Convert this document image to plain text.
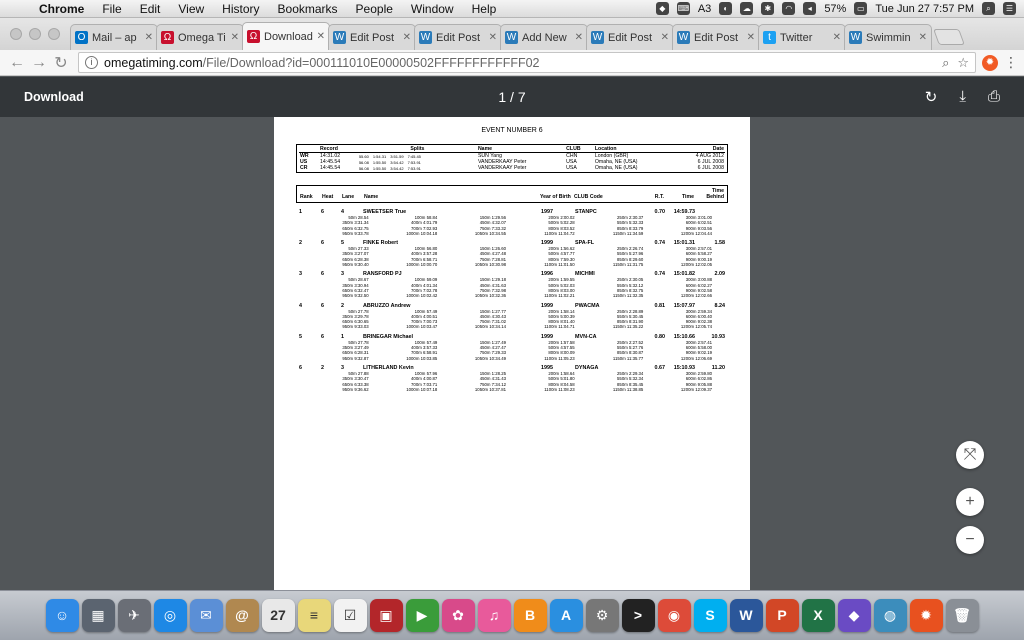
Chrome	File	Edit	View	History	Bookmarks	People	Window	Help	◆	⌨ A3	◐	☁	✱	◠	◂	57%	▭ Tue Jun 27 7:57 PM	⌕	☰
O Mail – ap ✕ Ω Omega Ti ✕ Ω Download ✕ W Edit Post ✕ W Edit Post ✕ W Add New ✕ W Edit Post ✕ W Edit Post ✕	t Twitter	✕ W Swimmin ✕
← → ↻	i omegatiming.com /File/Download?id=000111010E00000502FFFFFFFFFFFF02	⌕ ☆	✹ ⋮
Download	1 / 7	↻ ⤓ ⎙
EVENT NUMBER 6
	Record	Splits	Name	CLUB	Location	Date
WR	14:31.02	55.60 1:54.31 3:51.59 7:45.45	SUN Yang	CHN	London (GBR)	4 AUG 2012
US	14:45.54	56.08 1:55.50 3:54.42 7:53.91	VANDERKAAY Peter	USA	Omaha, NE (USA)	6 JUL 2008
CR	14:45.54	56.08 1:55.50 3:54.42 7:53.91	VANDERKAAY Peter	USA	Omaha, NE (USA)	6 JUL 2008
Rank	Heat	Lane	Name	Year of Birth CLUB Code	R.T.	Time
Time Behind
1	6	4	SWEETSER True	1997	STANPC	0.70	14:59.73
50m 28.54	100m 58.84	150m 1:29.56	200m 2:00.02	250m 2:30.37	300m 3:01.00
350m 3:31.34	400m 4:01.79	450m 4:32.07	500m 5:02.28	550m 5:32.33	600m 6:02.51
650m 6:32.75	700m 7:02.93	750m 7:33.32	800m 8:03.52	850m 8:33.79	900m 9:03.56
950m 9:33.78	1000m 10:04.18	1050m 10:34.55	1100m 11:04.72	1150m 11:34.59	1200m 12:04.44
2	6	5	FINKE Robert	1999	SPA-FL	0.74	15:01.31	1.58
50m 27.33	100m 56.80	150m 1:26.60	200m 1:56.62	250m 2:26.74	300m 2:57.01
350m 3:27.07	400m 3:57.28	450m 4:27.48	500m 4:57.77	550m 5:27.96	600m 5:58.27
650m 6:28.38	700m 6:58.71	750m 7:28.81	800m 7:59.30	850m 8:29.60	900m 9:00.19
950m 9:30.40	1000m 10:00.70	1050m 10:30.98	1100m 11:01.50	1150m 11:31.75	1200m 12:02.05
3	6	3	RANSFORD PJ	1996	MICHMI	0.74	15:01.82	2.09
50m 28.67	100m 59.09	150m 1:29.18	200m 1:59.55	250m 2:30.05	300m 3:00.88
350m 3:30.94	400m 4:01.34	450m 4:31.63	500m 5:02.03	550m 5:32.12	600m 6:02.27
650m 6:32.47	700m 7:02.78	750m 7:32.98	800m 8:03.00	850m 8:32.75	900m 9:02.58
950m 9:32.50	1000m 10:02.42	1050m 10:32.36	1100m 11:02.21	1150m 11:32.35	1200m 12:02.66
4	6	2	ABRUZZO Andrew	1999	PWACMA	0.81	15:07.97	8.24
50m 27.78	100m 57.49	150m 1:27.77	200m 1:58.14	250m 2:28.89	300m 2:59.34
350m 3:29.78	400m 4:00.51	450m 4:30.43	500m 5:00.39	550m 5:30.45	600m 6:00.40
650m 6:30.65	700m 7:00.73	750m 7:31.02	800m 8:01.40	850m 8:31.90	900m 9:02.38
950m 9:33.03	1000m 10:03.47	1050m 10:34.14	1100m 11:04.71	1150m 11:35.22	1200m 12:05.74
5	6	1	BRINEGAR Michael	1999	MVN-CA	0.80	15:10.66	10.93
50m 27.78	100m 57.49	150m 1:27.49	200m 1:57.58	250m 2:27.52	300m 2:57.41
350m 3:27.49	400m 3:57.33	450m 4:27.47	500m 4:57.55	550m 5:27.76	600m 5:58.00
650m 6:28.31	700m 6:58.91	750m 7:29.33	800m 8:00.09	850m 8:30.87	900m 9:02.19
950m 9:32.87	1000m 10:03.85	1050m 10:34.49	1100m 11:05.23	1150m 11:35.77	1200m 12:06.69
6	2	3	LITHERLAND Kevin	1995	DYNAGA	0.67	15:10.93	11.20
50m 27.88	100m 57.96	150m 1:28.25	200m 1:58.64	250m 2:29.34	300m 2:59.80
350m 3:30.47	400m 4:00.87	450m 4:31.43	500m 5:01.80	550m 5:32.34	600m 6:02.86
650m 6:33.38	700m 7:03.71	750m 7:34.12	800m 8:04.58	850m 8:35.45	900m 9:05.88
950m 9:36.62	1000m 10:07.18	1050m 10:37.81	1100m 11:08.23	1150m 11:38.85	1200m 12:09.37
⤧
+
−
☺	▦	✈	◎	✉	@	27	≡	☑	▣	▶	✿	♫	B	A	⚙	>	◉	S	W	P	X	◆	◍	✹	🗑
